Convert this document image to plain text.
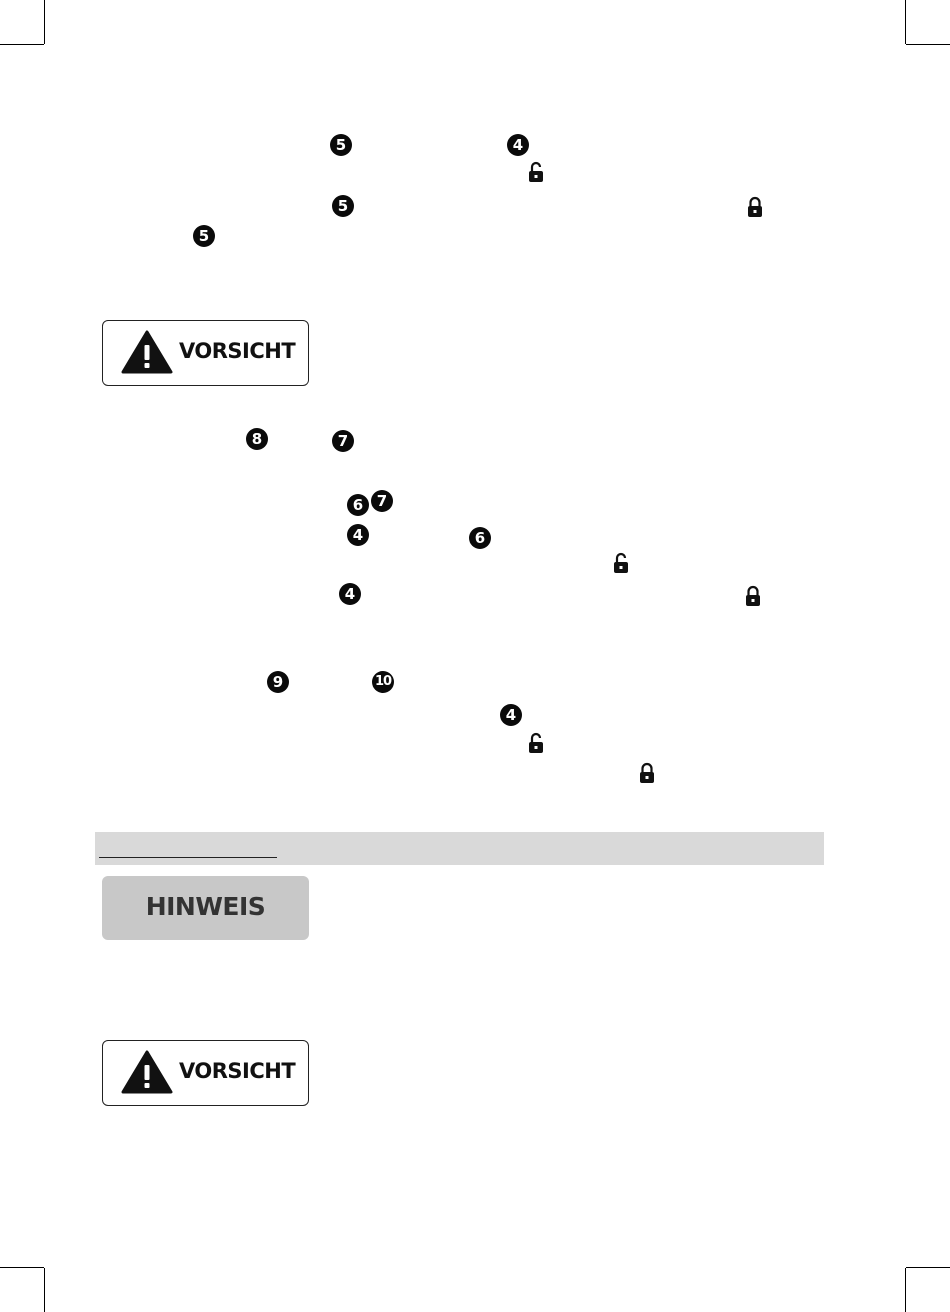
5	4
5
5
VORSICHT
8	7
6 7
4	6
4
9	10
4
HINWEIS
VORSICHT
